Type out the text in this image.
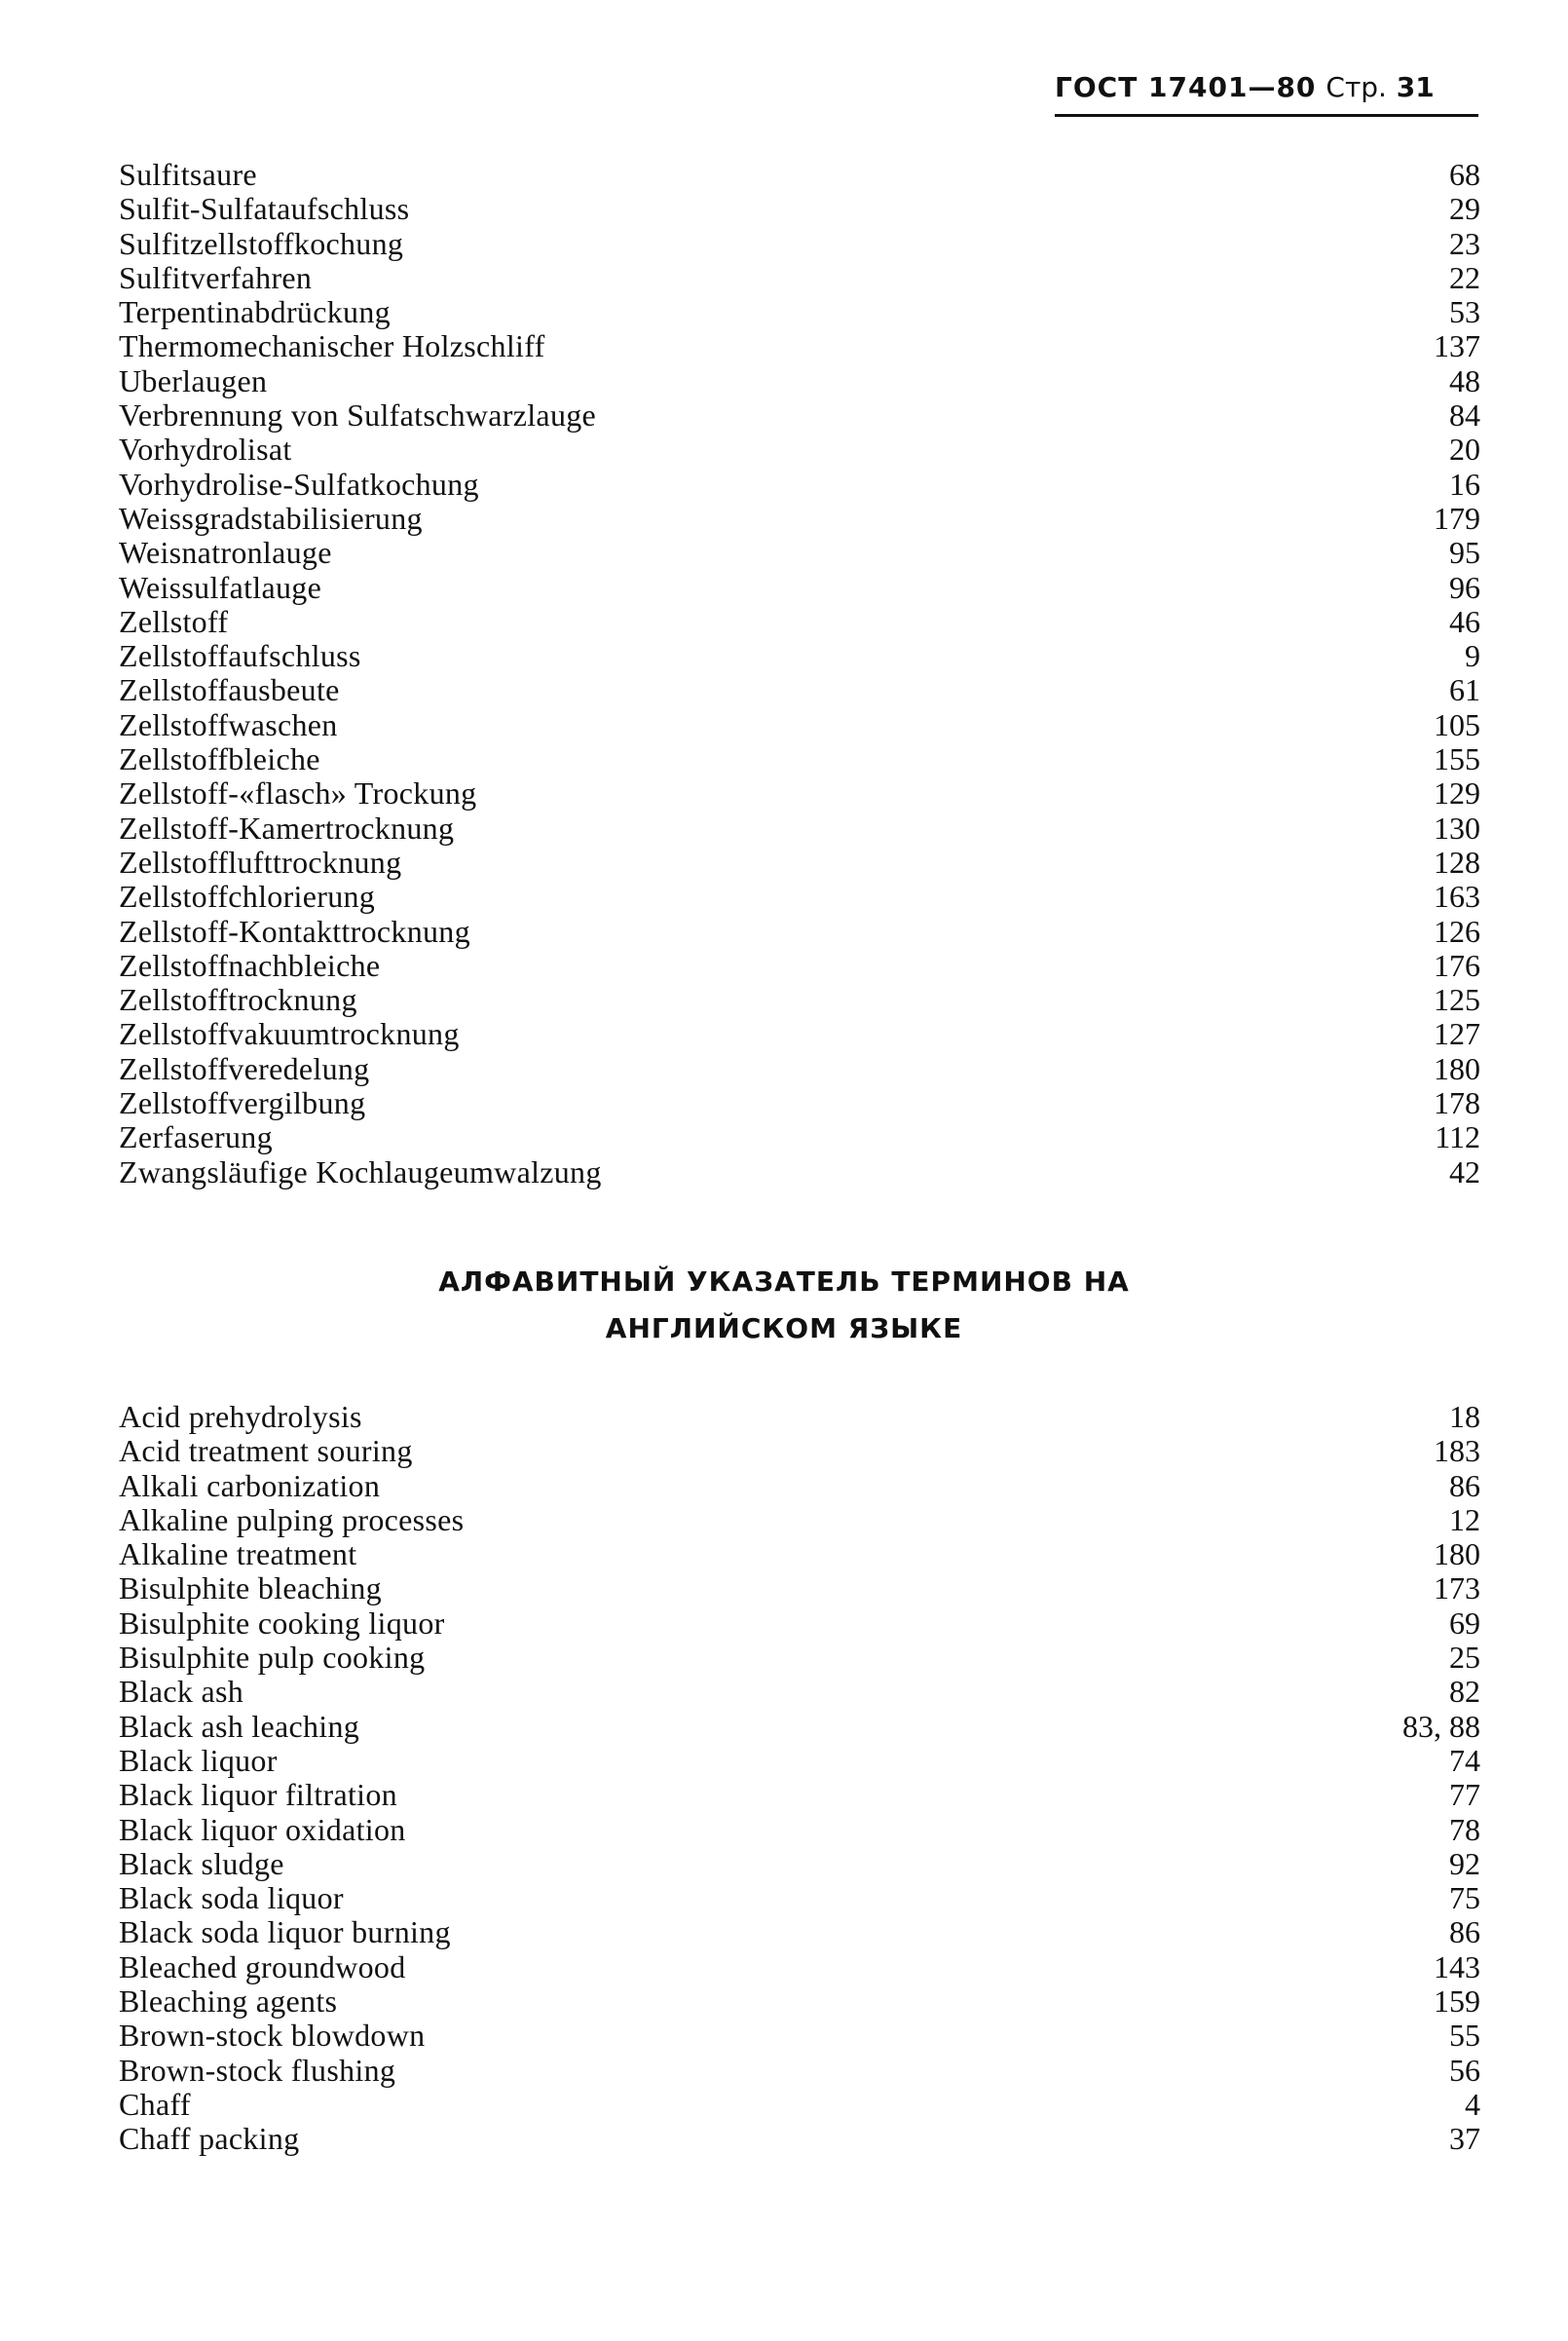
ГОСТ 17401—80 Стр. 31
Sulfitsaure	68
Sulfit-Sulfataufschluss	29
Sulfitzellstoffkochung	23
Sulfitverfahren	22
Terpentinabdrückung	53
Thermomechanischer Holzschliff	137
Uberlaugen	48
Verbrennung von Sulfatschwarzlauge	84
Vorhydrolisat	20
Vorhydrolise-Sulfatkochung	16
Weissgradstabilisierung	179
Weisnatronlauge	95
Weissulfatlauge	96
Zellstoff	46
Zellstoffaufschluss	9
Zellstoffausbeute	61
Zellstoffwaschen	105
Zellstoffbleiche	155
Zellstoff-«flasch» Trockung	129
Zellstoff-Kamertrocknung	130
Zellstofflufttrocknung	128
Zellstoffchlorierung	163
Zellstoff-Kontakttrocknung	126
Zellstoffnachbleiche	176
Zellstofftrocknung	125
Zellstoffvakuumtrocknung	127
Zellstoffveredelung	180
Zellstoffvergilbung	178
Zerfaserung	112
Zwangsläufige Kochlaugeumwalzung	42
АЛФАВИТНЫЙ УКАЗАТЕЛЬ ТЕРМИНОВ НА
АНГЛИЙСКОМ ЯЗЫКЕ
Acid prehydrolysis	18
Acid treatment souring	183
Alkali carbonization	86
Alkaline pulping processes	12
Alkaline treatment	180
Bisulphite bleaching	173
Bisulphite cooking liquor	69
Bisulphite pulp cooking	25
Black ash	82
Black ash leaching	83, 88
Black liquor	74
Black liquor filtration	77
Black liquor oxidation	78
Black sludge	92
Black soda liquor	75
Black soda liquor burning	86
Bleached groundwood	143
Bleaching agents	159
Brown-stock blowdown	55
Brown-stock flushing	56
Chaff	4
Chaff packing	37
